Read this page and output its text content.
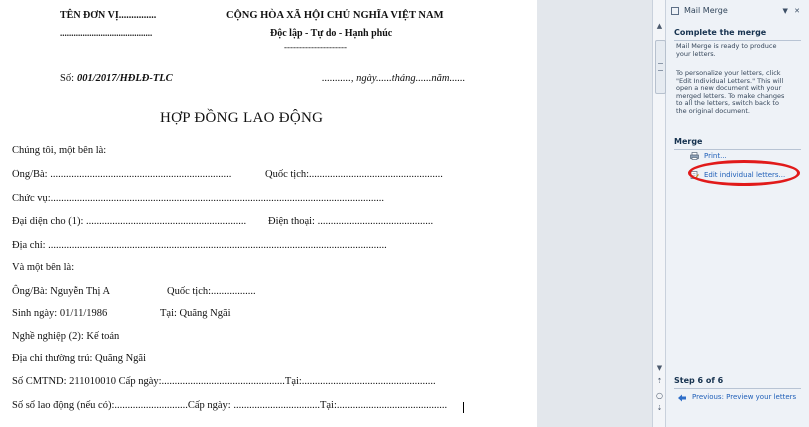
TÊN ĐƠN VỊ...............
.........................................
CỘNG HÒA XÃ HỘI CHỦ NGHĨA VIỆT NAM
Độc lập - Tự do - Hạnh phúc
---------------------
Số: 001/2017/HĐLĐ-TLC	..........., ngày......tháng......năm......
HỢP ĐỒNG LAO ĐỘNG
Chúng tôi, một bên là:
Ông/Bà: .....................................................................	Quốc tịch:...................................................
Chức vụ:...............................................................................................................................
Đại diện cho (1): .............................................................	Điện thoại: ............................................
Địa chỉ: .................................................................................................................................
Và một bên là:
Ông/Bà: Nguyễn Thị A	Quốc tịch:.................
Sinh ngày: 01/11/1986	Tại: Quãng Ngãi
Nghề nghiệp (2): Kế toán
Địa chỉ thường trú: Quãng Ngãi
Số CMTND: 211010010 Cấp ngày:...............................................Tại:...................................................
Số sổ lao động (nếu có):............................Cấp ngày: .................................Tại:..........................................
▲
▼
⇡
○
⇣
Mail Merge	▼ ✕
Complete the merge
Mail Merge is ready to produce
your letters.
To personalize your letters, click
"Edit Individual Letters." This will
open a new document with your
merged letters. To make changes
to all the letters, switch back to
the original document.
Merge
Print...
Edit individual letters...
Step 6 of 6
Previous: Preview your letters
